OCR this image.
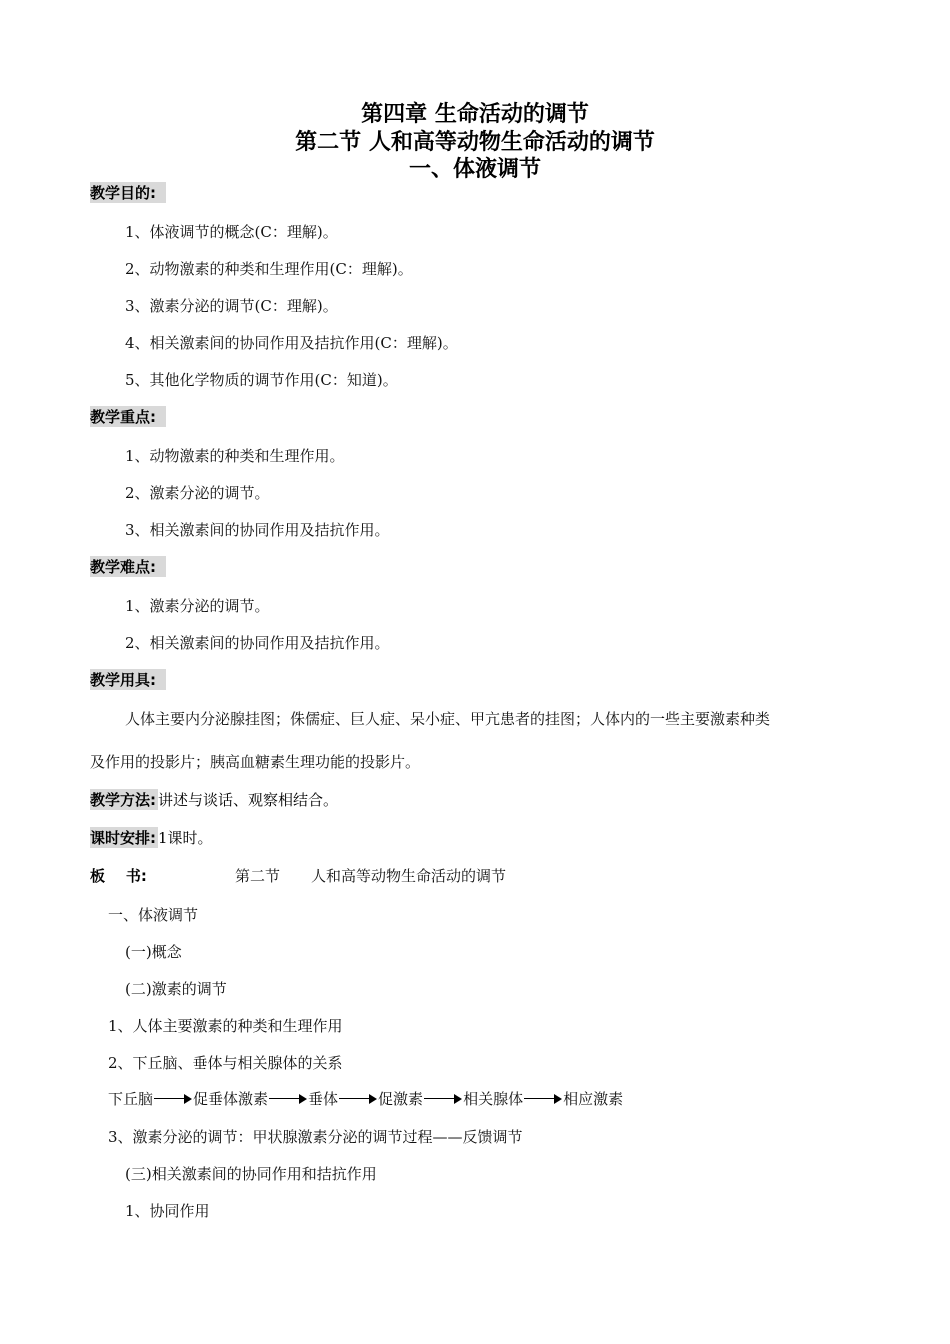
第四章 生命活动的调节
第二节 人和高等动物生命活动的调节
一、体液调节
教学目的:
1、体液调节的概念(C：理解)。
2、动物激素的种类和生理作用(C：理解)。
3、激素分泌的调节(C：理解)。
4、相关激素间的协同作用及拮抗作用(C：理解)。
5、其他化学物质的调节作用(C：知道)。
教学重点:
1、动物激素的种类和生理作用。
2、激素分泌的调节。
3、相关激素间的协同作用及拮抗作用。
教学难点:
1、激素分泌的调节。
2、相关激素间的协同作用及拮抗作用。
教学用具:
人体主要内分泌腺挂图；侏儒症、巨人症、呆小症、甲亢患者的挂图；人体内的一些主要激素种类
及作用的投影片；胰高血糖素生理功能的投影片。
教学方法: 讲述与谈话、观察相结合。
课时安排: 1课时。
板    书:	第二节 人和高等动物生命活动的调节
一、体液调节
(一)概念
(二)激素的调节
1、人体主要激素的种类和生理作用
2、下丘脑、垂体与相关腺体的关系
下丘脑	促垂体激素	垂体	促激素	相关腺体	相应激素
3、激素分泌的调节：甲状腺激素分泌的调节过程——反馈调节
(三)相关激素间的协同作用和拮抗作用
1、协同作用
